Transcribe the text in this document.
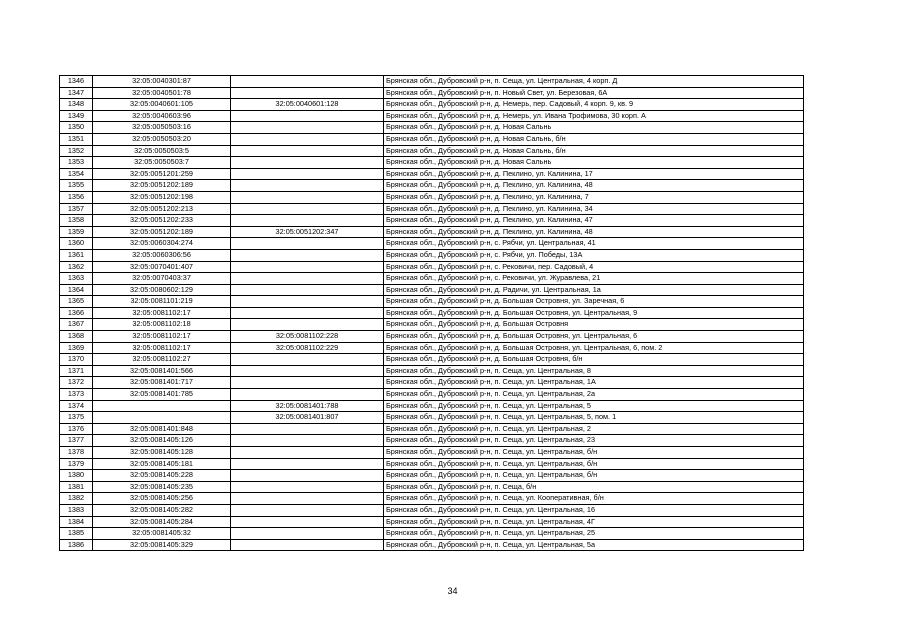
1346	32:05:0040301:87		Брянская обл., Дубровский р-н, п. Сеща, ул. Центральная, 4 корп. Д
1347	32:05:0040501:78		Брянская обл., Дубровский р-н, п. Новый Свет, ул. Березовая, 6А
1348	32:05:0040601:105	32:05:0040601:128	Брянская обл., Дубровский р-н, д. Немерь, пер. Садовый, 4 корп. 9, кв. 9
1349	32:05:0040603:96		Брянская обл., Дубровский р-н, д. Немерь, ул. Ивана Трофимова, 30 корп. А
1350	32:05:0050503:16		Брянская обл., Дубровский р-н, д. Новая Сальнь
1351	32:05:0050503:20		Брянская обл., Дубровский р-н, д. Новая Сальнь, б/н
1352	32:05:0050503:5		Брянская обл., Дубровский р-н, д. Новая Сальнь, б/н
1353	32:05:0050503:7		Брянская обл., Дубровский р-н, д. Новая Сальнь
1354	32:05:0051201:259		Брянская обл., Дубровский р-н, д. Пеклино, ул. Калинина, 17
1355	32:05:0051202:189		Брянская обл., Дубровский р-н, д. Пеклино, ул. Калинина, 48
1356	32:05:0051202:198		Брянская обл., Дубровский р-н, д. Пеклино, ул. Калинина, 7
1357	32:05:0051202:213		Брянская обл., Дубровский р-н, д. Пеклино, ул. Калинина, 34
1358	32:05:0051202:233		Брянская обл., Дубровский р-н, д. Пеклино, ул. Калинина, 47
1359	32:05:0051202:189	32:05:0051202:347	Брянская обл., Дубровский р-н, д. Пеклино, ул. Калинина, 48
1360	32:05:0060304:274		Брянская обл., Дубровский р-н, с. Рябчи, ул. Центральная, 41
1361	32:05:0060306:56		Брянская обл., Дубровский р-н, с. Рябчи, ул. Победы, 13А
1362	32:05:0070401:407		Брянская обл., Дубровский р-н, с. Рековичи, пер. Садовый, 4
1363	32:05:0070403:37		Брянская обл., Дубровский р-н, с. Рековичи, ул. Журавлева, 21
1364	32:05:0080602:129		Брянская обл., Дубровский р-н, д. Радичи, ул. Центральная, 1а
1365	32:05:0081101:219		Брянская обл., Дубровский р-н, д. Большая Островня, ул. Заречная, 6
1366	32:05:0081102:17		Брянская обл., Дубровский р-н, д. Большая Островня, ул. Центральная, 9
1367	32:05:0081102:18		Брянская обл., Дубровский р-н, д. Большая Островня
1368	32:05:0081102:17	32:05:0081102:228	Брянская обл., Дубровский р-н, д. Большая Островня, ул. Центральная, 6
1369	32:05:0081102:17	32:05:0081102:229	Брянская обл., Дубровский р-н, д. Большая Островня, ул. Центральная, 6, пом. 2
1370	32:05:0081102:27		Брянская обл., Дубровский р-н, д. Большая Островня, б/н
1371	32:05:0081401:566		Брянская обл., Дубровский р-н, п. Сеща, ул. Центральная, 8
1372	32:05:0081401:717		Брянская обл., Дубровский р-н, п. Сеща, ул. Центральная, 1А
1373	32:05:0081401:785		Брянская обл., Дубровский р-н, п. Сеща, ул. Центральная, 2а
1374		32:05:0081401:788	Брянская обл., Дубровский р-н, п. Сеща, ул. Центральная, 5
1375		32:05:0081401:807	Брянская обл., Дубровский р-н, п. Сеща, ул. Центральная, 5, пом. 1
1376	32:05:0081401:848		Брянская обл., Дубровский р-н, п. Сеща, ул. Центральная, 2
1377	32:05:0081405:126		Брянская обл., Дубровский р-н, п. Сеща, ул. Центральная, 23
1378	32:05:0081405:128		Брянская обл., Дубровский р-н, п. Сеща, ул. Центральная, б/н
1379	32:05:0081405:181		Брянская обл., Дубровский р-н, п. Сеща, ул. Центральная, б/н
1380	32:05:0081405:228		Брянская обл., Дубровский р-н, п. Сеща, ул. Центральная, б/н
1381	32:05:0081405:235		Брянская обл., Дубровский р-н, п. Сеща, б/н
1382	32:05:0081405:256		Брянская обл., Дубровский р-н, п. Сеща, ул. Кооперативная, б/н
1383	32:05:0081405:282		Брянская обл., Дубровский р-н, п. Сеща, ул. Центральная, 16
1384	32:05:0081405:284		Брянская обл., Дубровский р-н, п. Сеща, ул. Центральная, 4Г
1385	32:05:0081405:32		Брянская обл., Дубровский р-н, п. Сеща, ул. Центральная, 25
1386	32:05:0081405:329		Брянская обл., Дубровский р-н, п. Сеща, ул. Центральная, 5а
34
